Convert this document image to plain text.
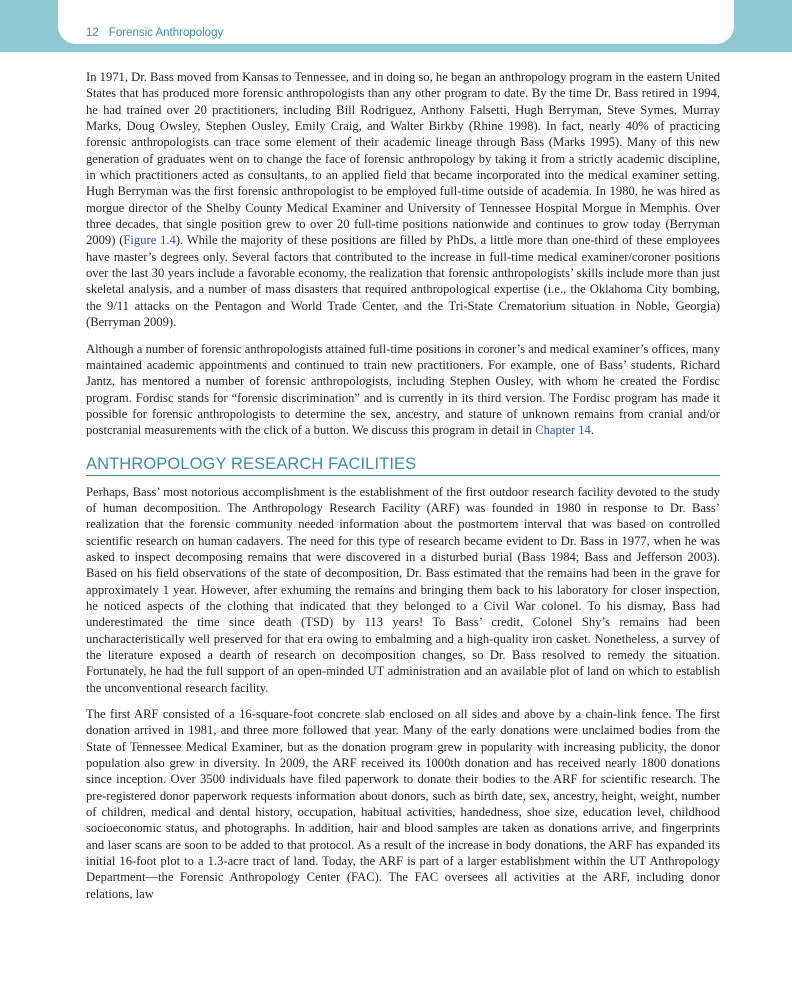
12 Forensic Anthropology

In 1971, Dr. Bass moved from Kansas to Tennessee, and in doing so, he began an anthropology program in the eastern United States that has produced more forensic anthropologists than any other program to date. By the time Dr. Bass retired in 1994, he had trained over 20 practitioners, including Bill Rodriguez, Anthony Falsetti, Hugh Berryman, Steve Symes, Murray Marks, Doug Owsley, Stephen Ousley, Emily Craig, and Walter Birkby (Rhine 1998). In fact, nearly 40% of practicing forensic anthropologists can trace some element of their academic lineage through Bass (Marks 1995). Many of this new generation of graduates went on to change the face of forensic anthropology by taking it from a strictly academic discipline, in which practitioners acted as consultants, to an applied field that became incorporated into the medical examiner setting. Hugh Berryman was the first forensic anthropologist to be employed full-time outside of academia. In 1980, he was hired as morgue director of the Shelby County Medical Examiner and University of Tennessee Hospital Morgue in Memphis. Over three decades, that single position grew to over 20 full-time positions nationwide and continues to grow today (Berryman 2009) (Figure 1.4). While the majority of these positions are filled by PhDs, a little more than one-third of these employees have master’s degrees only. Several factors that contributed to the increase in full-time medical examiner/coroner positions over the last 30 years include a favorable economy, the realization that forensic anthropologists’ skills include more than just skeletal analysis, and a number of mass disasters that required anthropological expertise (i.e., the Oklahoma City bombing, the 9/11 attacks on the Pentagon and World Trade Center, and the Tri-State Crematorium situation in Noble, Georgia) (Berryman 2009).

Although a number of forensic anthropologists attained full-time positions in coroner’s and medical examiner’s offices, many maintained academic appointments and continued to train new practitioners. For example, one of Bass’ students, Richard Jantz, has mentored a number of forensic anthropologists, including Stephen Ousley, with whom he created the Fordisc program. Fordisc stands for “forensic discrimination” and is currently in its third version. The Fordisc program has made it possible for forensic anthropologists to determine the sex, ancestry, and stature of unknown remains from cranial and/or postcranial measurements with the click of a button. We discuss this program in detail in Chapter 14.

ANTHROPOLOGY RESEARCH FACILITIES

Perhaps, Bass’ most notorious accomplishment is the establishment of the first outdoor research facility devoted to the study of human decomposition. The Anthropology Research Facility (ARF) was founded in 1980 in response to Dr. Bass’ realization that the forensic community needed information about the postmortem interval that was based on controlled scientific research on human cadavers. The need for this type of research became evident to Dr. Bass in 1977, when he was asked to inspect decomposing remains that were discovered in a disturbed burial (Bass 1984; Bass and Jefferson 2003). Based on his field observations of the state of decomposition, Dr. Bass estimated that the remains had been in the grave for approximately 1 year. However, after exhuming the remains and bringing them back to his laboratory for closer inspection, he noticed aspects of the clothing that indicated that they belonged to a Civil War colonel. To his dismay, Bass had underestimated the time since death (TSD) by 113 years! To Bass’ credit, Colonel Shy’s remains had been uncharacteristically well preserved for that era owing to embalming and a high-quality iron casket. Nonetheless, a survey of the literature exposed a dearth of research on decomposition changes, so Dr. Bass resolved to remedy the situation. Fortunately, he had the full support of an open-minded UT administration and an available plot of land on which to establish the unconventional research facility.

The first ARF consisted of a 16-square-foot concrete slab enclosed on all sides and above by a chain-link fence. The first donation arrived in 1981, and three more followed that year. Many of the early donations were unclaimed bodies from the State of Tennessee Medical Examiner, but as the donation program grew in popularity with increasing publicity, the donor population also grew in diversity. In 2009, the ARF received its 1000th donation and has received nearly 1800 donations since inception. Over 3500 individuals have filed paperwork to donate their bodies to the ARF for scientific research. The pre-registered donor paperwork requests information about donors, such as birth date, sex, ancestry, height, weight, number of children, medical and dental history, occupation, habitual activities, handedness, shoe size, education level, childhood socioeconomic status, and photographs. In addition, hair and blood samples are taken as donations arrive, and fingerprints and laser scans are soon to be added to that protocol. As a result of the increase in body donations, the ARF has expanded its initial 16-foot plot to a 1.3-acre tract of land. Today, the ARF is part of a larger establishment within the UT Anthropology Department—the Forensic Anthropology Center (FAC). The FAC oversees all activities at the ARF, including donor relations, law
